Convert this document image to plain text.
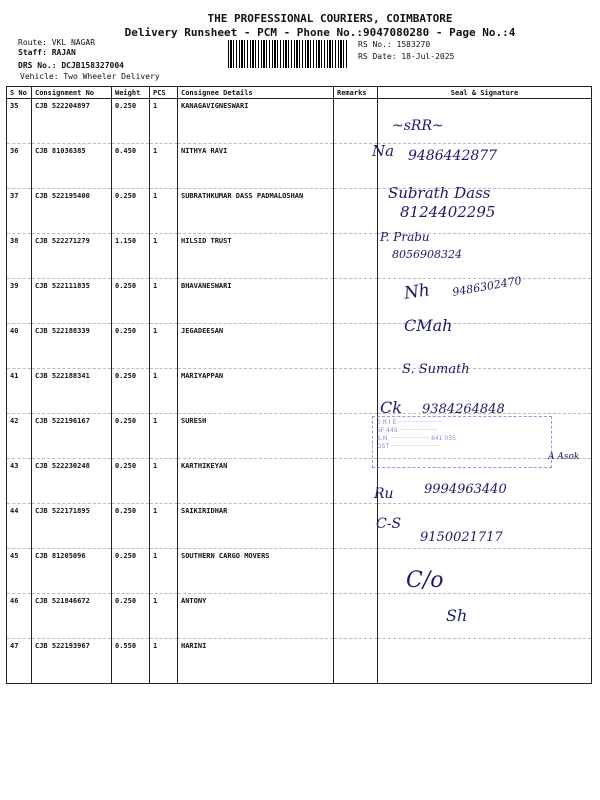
THE PROFESSIONAL COURIERS, COIMBATORE
Delivery Runsheet - PCM - Phone No.:9047080280 - Page No.:4
Route: VKL NAGAR
Staff: RAJAN
DRS No.: DCJB158327004
Vehicle: Two Wheeler Delivery
RS No.: 1583270
RS Date: 18-Jul-2025
S No	Consignment No	Weight	PCS	Consignee Details	Remarks	Seal & Signature
35	CJB 522204897	0.250	1	KANAGAVIGNESWARI		
36	CJB 81036385	0.450	1	NITHYA RAVI		
37	CJB 522195400	0.250	1	SUBRATHKUMAR DASS PADMALOSHAN		
38	CJB 522271279	1.150	1	HILSID TRUST		
39	CJB 522111835	0.250	1	BHAVANESWARI		
40	CJB 522188339	0.250	1	JEGADEESAN		
41	CJB 522188341	0.250	1	MARIYAPPAN		
42	CJB 522196167	0.250	1	SURESH		
43	CJB 522230248	0.250	1	KARTHIKEYAN		
44	CJB 522171895	0.250	1	SAIKIRIDHAR		
45	CJB 81205096	0.250	1	SOUTHERN CARGO MOVERS		
46	CJB 521846672	0.250	1	ANTONY		
47	CJB 522193967	0.550	1	HARINI		
~sRR~
Na 9486442877
Subrath Dass
8124402295
P. Prabu
8056908324
Nh 9486302470
CMah
S. Sumath
Ck 9384264848
E R I E ·······················
SF 445 ····················
S.N. ···················· 641 035
GST ··························
A Asok
Ru 9994963440
C-S
9150021717
C/o
Sh
